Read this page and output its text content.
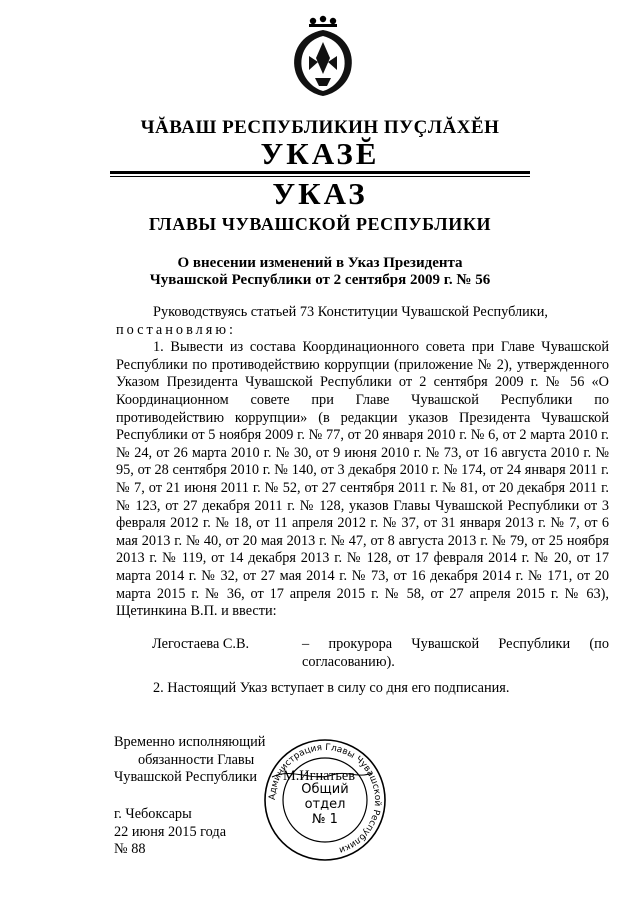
ЧĂВАШ РЕСПУБЛИКИН ПУÇЛĂХĔН
УКАЗĔ
УКАЗ
ГЛАВЫ ЧУВАШСКОЙ РЕСПУБЛИКИ
О внесении изменений в Указ Президента
Чувашской Республики от 2 сентября 2009 г. № 56

Руководствуясь статьей 73 Конституции Чувашской Республики,

постановляю:

1. Вывести из состава Координационного совета при Главе Чувашской Республики по противодействию коррупции (приложение № 2), утвержденного Указом Президента Чувашской Республики от 2 сентября 2009 г. № 56 «О Координационном совете при Главе Чувашской Республики по противодействию коррупции» (в редакции указов Президента Чувашской Республики от 5 ноября 2009 г. № 77, от 20 января 2010 г. № 6, от 2 марта 2010 г. № 24, от 26 марта 2010 г. № 30, от 9 июня 2010 г. № 73, от 16 августа 2010 г. № 95, от 28 сентября 2010 г. № 140, от 3 декабря 2010 г. № 174, от 24 января 2011 г. № 7, от 21 июня 2011 г. № 52, от 27 сентября 2011 г. № 81, от 20 декабря 2011 г. № 123, от 27 декабря 2011 г. № 128, указов Главы Чувашской Республики от 3 февраля 2012 г. № 18, от 11 апреля 2012 г. № 37, от 31 января 2013 г. № 7, от 6 мая 2013 г. № 40, от 20 мая 2013 г. № 47, от 8 августа 2013 г. № 79, от 25 ноября 2013 г. № 119, от 14 декабря 2013 г. № 128, от 17 февраля 2014 г. № 20, от 17 марта 2014 г. № 32, от 27 мая 2014 г. № 73, от 16 декабря 2014 г. № 171, от 20 марта 2015 г. № 36, от 17 апреля 2015 г. № 58, от 27 апреля 2015 г. № 63), Щетинкина В.П. и ввести:

Легостаева С.В.	– прокурора Чувашской Республики (по согласованию).
2. Настоящий Указ вступает в силу со дня его подписания.
Временно исполняющий
обязанности Главы
Чувашской Республики
Администрация Главы Чувашской Республики
Общий
отдел
№ 1
М.Игнатьев
г. Чебоксары
22 июня 2015 года
№ 88
